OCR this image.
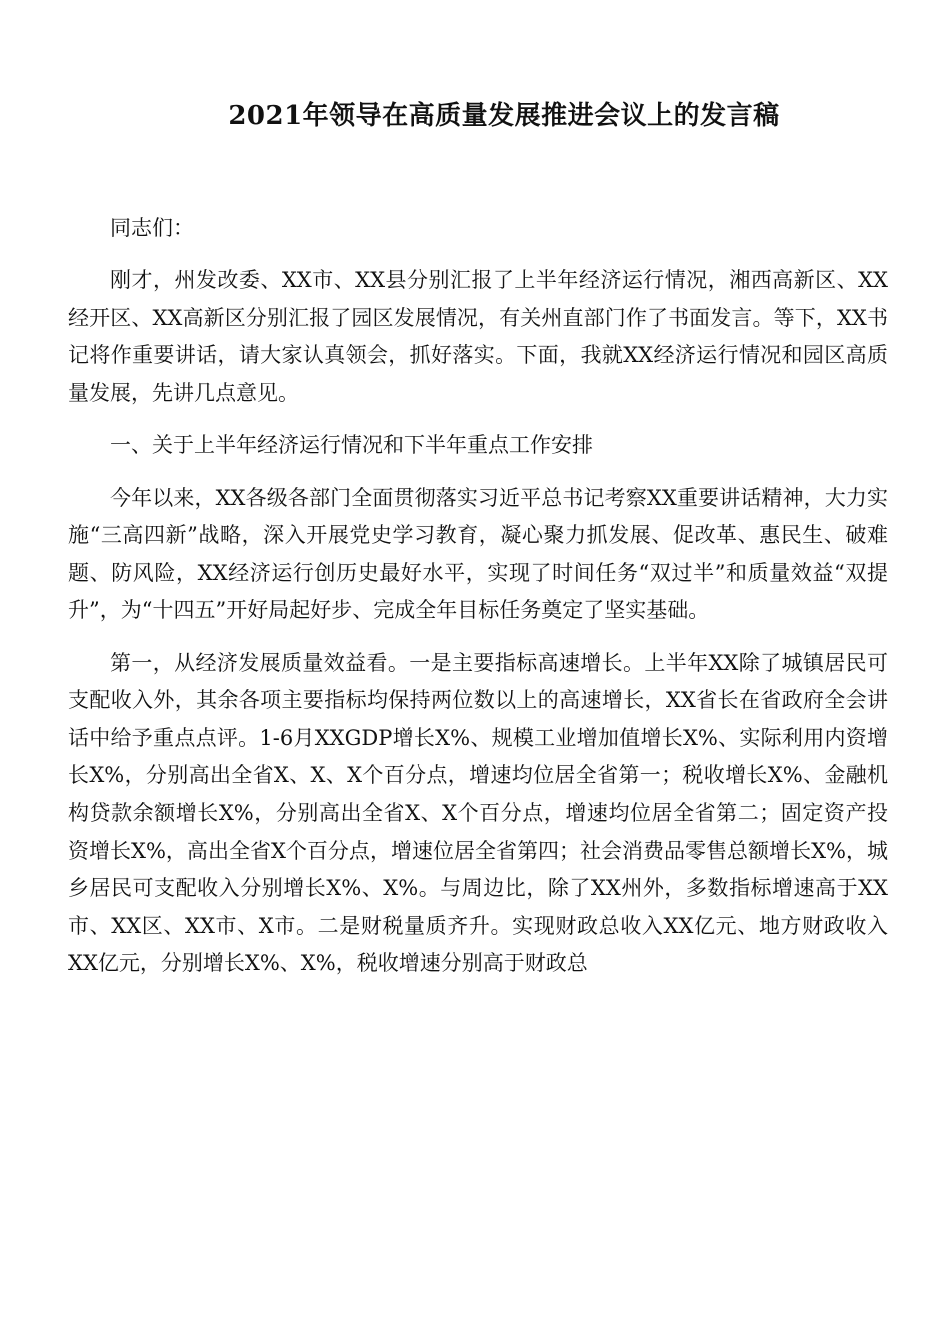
2021年领导在高质量发展推进会议上的发言稿

同志们：

刚才，州发改委、XX市、XX县分别汇报了上半年经济运行情况，湘西高新区、XX经开区、XX高新区分别汇报了园区发展情况，有关州直部门作了书面发言。等下，XX书记将作重要讲话，请大家认真领会，抓好落实。下面，我就XX经济运行情况和园区高质量发展，先讲几点意见。

一、关于上半年经济运行情况和下半年重点工作安排

今年以来，XX各级各部门全面贯彻落实习近平总书记考察XX重要讲话精神，大力实施“三高四新”战略，深入开展党史学习教育，凝心聚力抓发展、促改革、惠民生、破难题、防风险，XX经济运行创历史最好水平，实现了时间任务“双过半”和质量效益“双提升”，为“十四五”开好局起好步、完成全年目标任务奠定了坚实基础。

第一，从经济发展质量效益看。一是主要指标高速增长。上半年XX除了城镇居民可支配收入外，其余各项主要指标均保持两位数以上的高速增长，XX省长在省政府全会讲话中给予重点点评。1-6月XXGDP增长X%、规模工业增加值增长X%、实际利用内资增长X%，分别高出全省X、X、X个百分点，增速均位居全省第一；税收增长X%、金融机构贷款余额增长X%，分别高出全省X、X个百分点，增速均位居全省第二；固定资产投资增长X%，高出全省X个百分点，增速位居全省第四；社会消费品零售总额增长X%，城乡居民可支配收入分别增长X%、X%。与周边比，除了XX州外，多数指标增速高于XX市、XX区、XX市、X市。二是财税量质齐升。实现财政总收入XX亿元、地方财政收入XX亿元，分别增长X%、X%，税收增速分别高于财政总
